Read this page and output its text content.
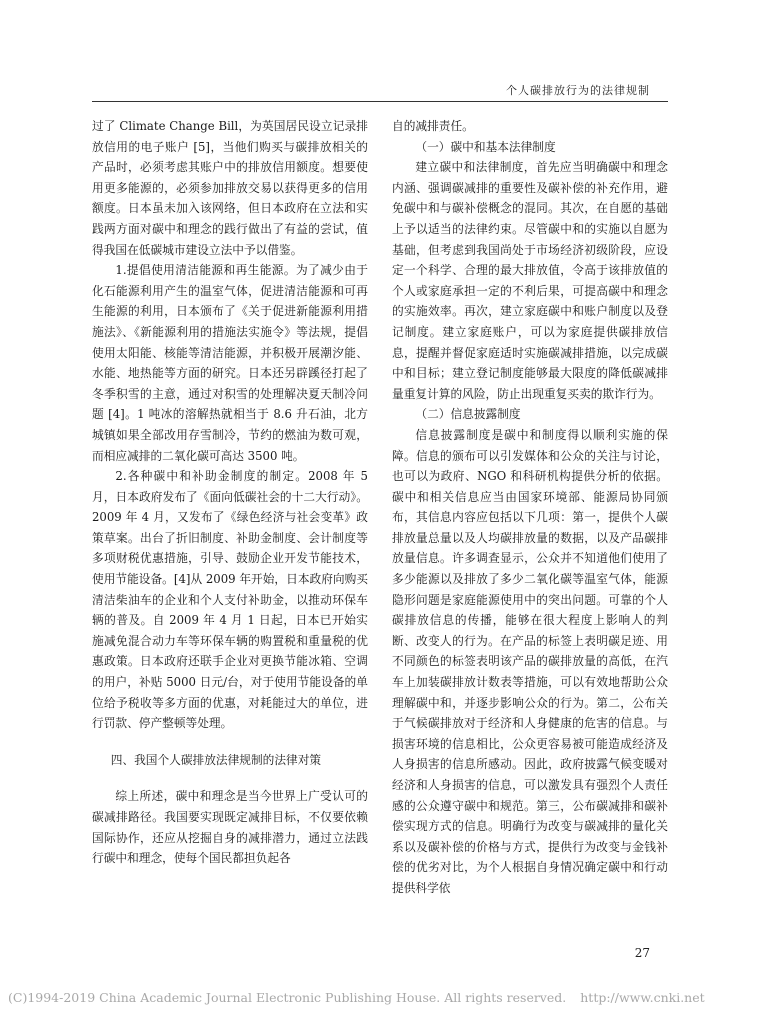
个人碳排放行为的法律规制

过了 Climate Change Bill，为英国居民设立记录排放信用的电子账户 [5]，当他们购买与碳排放相关的产品时，必须考虑其账户中的排放信用额度。想要使用更多能源的，必须参加排放交易以获得更多的信用额度。日本虽未加入该网络，但日本政府在立法和实践两方面对碳中和理念的践行做出了有益的尝试，值得我国在低碳城市建设立法中予以借鉴。

1.提倡使用清洁能源和再生能源。为了减少由于化石能源利用产生的温室气体，促进清洁能源和可再生能源的利用，日本颁布了《关于促进新能源利用措施法》、《新能源利用的措施法实施令》等法规，提倡使用太阳能、核能等清洁能源，并积极开展潮汐能、水能、地热能等方面的研究。日本还另辟蹊径打起了冬季积雪的主意，通过对积雪的处理解决夏天制冷问题 [4]。1 吨冰的溶解热就相当于 8.6 升石油，北方城镇如果全部改用存雪制冷，节约的燃油为数可观，而相应减排的二氧化碳可高达 3500 吨。

2.各种碳中和补助金制度的制定。2008 年 5 月，日本政府发布了《面向低碳社会的十二大行动》。2009 年 4 月，又发布了《绿色经济与社会变革》政策草案。出台了折旧制度、补助金制度、会计制度等多项财税优惠措施，引导、鼓励企业开发节能技术，使用节能设备。[4]从 2009 年开始，日本政府向购买清洁柴油车的企业和个人支付补助金，以推动环保车辆的普及。自 2009 年 4 月 1 日起，日本已开始实施减免混合动力车等环保车辆的购置税和重量税的优惠政策。日本政府还联手企业对更换节能冰箱、空调的用户，补贴 5000 日元/台，对于使用节能设备的单位给予税收等多方面的优惠，对耗能过大的单位，进行罚款、停产整顿等处理。

四、我国个人碳排放法律规制的法律对策

综上所述，碳中和理念是当今世界上广受认可的碳减排路径。我国要实现既定减排目标，不仅要依赖国际协作，还应从挖掘自身的减排潜力，通过立法践行碳中和理念，使每个国民都担负起各

自的减排责任。

（一）碳中和基本法律制度

建立碳中和法律制度，首先应当明确碳中和理念内涵、强调碳减排的重要性及碳补偿的补充作用，避免碳中和与碳补偿概念的混同。其次，在自愿的基础上予以适当的法律约束。尽管碳中和的实施以自愿为基础，但考虑到我国尚处于市场经济初级阶段，应设定一个科学、合理的最大排放值，令高于该排放值的个人或家庭承担一定的不利后果，可提高碳中和理念的实施效率。再次，建立家庭碳中和账户制度以及登记制度。建立家庭账户，可以为家庭提供碳排放信息，提醒并督促家庭适时实施碳减排措施，以完成碳中和目标；建立登记制度能够最大限度的降低碳减排量重复计算的风险，防止出现重复买卖的欺诈行为。

（二）信息披露制度

信息披露制度是碳中和制度得以顺利实施的保障。信息的颁布可以引发媒体和公众的关注与讨论，也可以为政府、NGO 和科研机构提供分析的依据。碳中和相关信息应当由国家环境部、能源局协同颁布，其信息内容应包括以下几项：第一，提供个人碳排放量总量以及人均碳排放量的数据，以及产品碳排放量信息。许多调查显示，公众并不知道他们使用了多少能源以及排放了多少二氧化碳等温室气体，能源隐形问题是家庭能源使用中的突出问题。可靠的个人碳排放信息的传播，能够在很大程度上影响人的判断、改变人的行为。在产品的标签上表明碳足迹、用不同颜色的标签表明该产品的碳排放量的高低，在汽车上加装碳排放计数表等措施，可以有效地帮助公众理解碳中和，并逐步影响公众的行为。第二，公布关于气候碳排放对于经济和人身健康的危害的信息。与损害环境的信息相比，公众更容易被可能造成经济及人身损害的信息所感动。因此，政府披露气候变暖对经济和人身损害的信息，可以激发具有强烈个人责任感的公众遵守碳中和规范。第三，公布碳减排和碳补偿实现方式的信息。明确行为改变与碳减排的量化关系以及碳补偿的价格与方式，提供行为改变与金钱补偿的优劣对比，为个人根据自身情况确定碳中和行动提供科学依

27
(C)1994-2019 China Academic Journal Electronic Publishing House. All rights reserved. http://www.cnki.net
